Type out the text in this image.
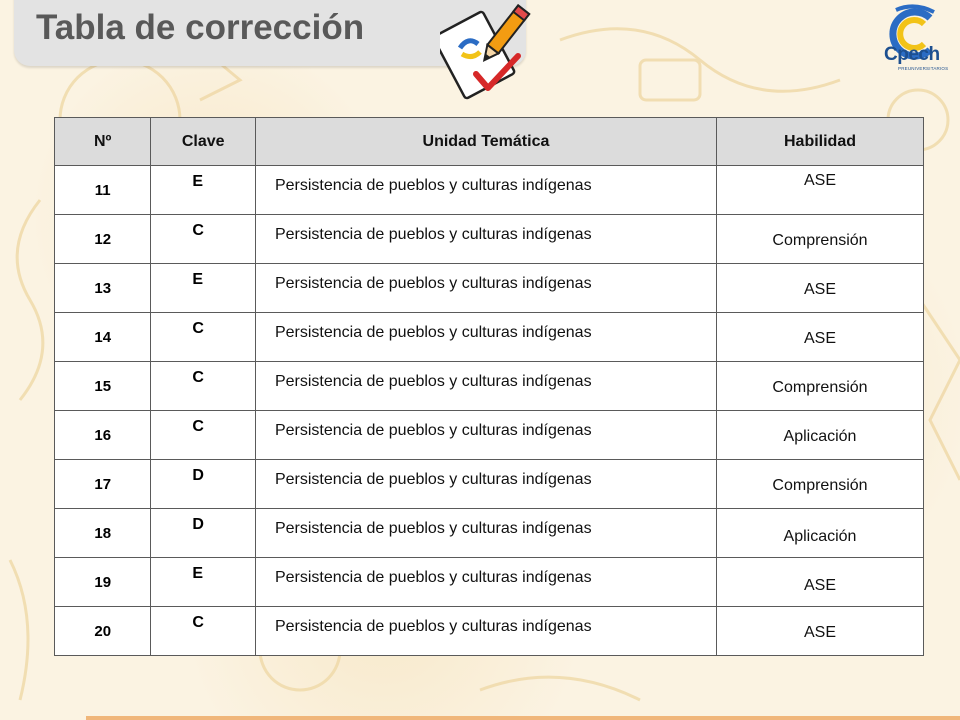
Tabla de corrección
Cpech
PREUNIVERSITARIOS
Nº	Clave	Unidad Temática	Habilidad

11	E	Persistencia de pueblos y culturas indígenas	ASE

12	C	Persistencia de pueblos y culturas indígenas	Comprensión

13	E	Persistencia de pueblos y culturas indígenas	ASE

14	C	Persistencia de pueblos y culturas indígenas	ASE

15	C	Persistencia de pueblos y culturas indígenas	Comprensión

16	C	Persistencia de pueblos y culturas indígenas	Aplicación

17	D	Persistencia de pueblos y culturas indígenas	Comprensión

18	D	Persistencia de pueblos y culturas indígenas	Aplicación

19	E	Persistencia de pueblos y culturas indígenas	ASE

20	C	Persistencia de pueblos y culturas indígenas	ASE
